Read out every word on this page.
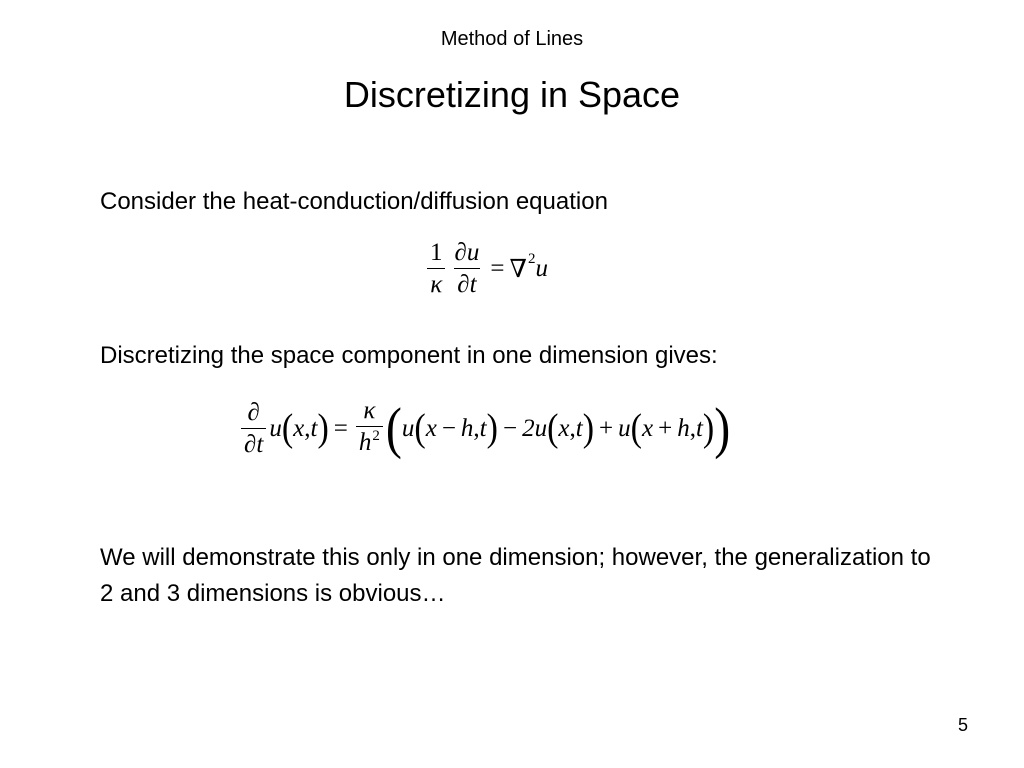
Method of Lines
Discretizing in Space
Consider the heat-conduction/diffusion equation
$\frac{1}{\kappa} \frac{\partial u}{\partial t}$ = ∇ 2 u
Discretizing the space component in one dimension gives:
$\frac{\partial}{\partial t}$ u ( x , t ) = $\frac{\kappa}{h^2}$ ( u ( x − h , t ) − 2u ( x , t ) + u ( x + h , t ) )
We will demonstrate this only in one dimension; however, the generalization to 2 and 3 dimensions is obvious…
5
